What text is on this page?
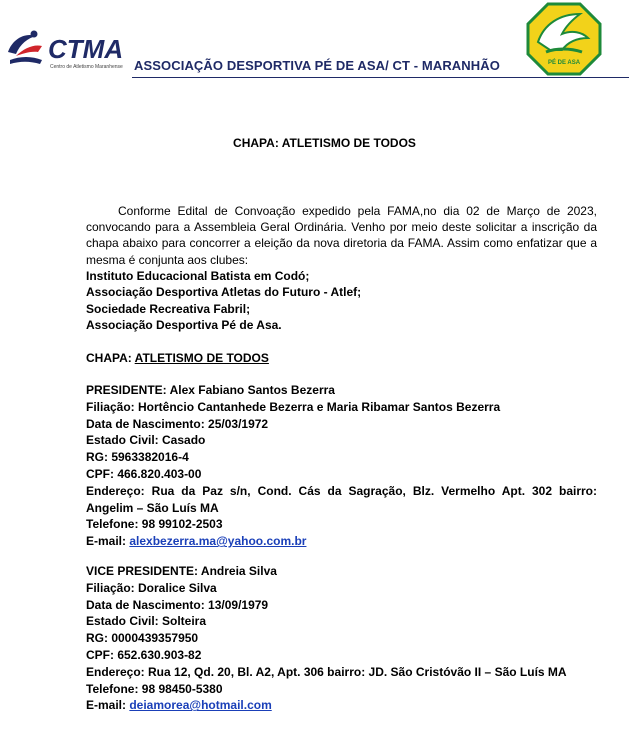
CTMA
Centro de Atletismo Maranhense
PÉ DE ASA
ASSOCIAÇÃO DESPORTIVA PÉ DE ASA/ CT - MARANHÃO
CHAPA: ATLETISMO DE TODOS

Conforme Edital de Convoação expedido pela FAMA,no dia 02 de Março de 2023, convocando para a Assembleia Geral Ordinária. Venho por meio deste solicitar a inscrição da chapa abaixo para concorrer a eleição da nova diretoria da FAMA. Assim como enfatizar que a mesma é conjunta aos clubes:

Instituto Educacional Batista em Codó;
Associação Desportiva Atletas do Futuro - Atlef;
Sociedade Recreativa Fabril;
Associação Desportiva Pé de Asa.
CHAPA: ATLETISMO DE TODOS
PRESIDENTE: Alex Fabiano Santos Bezerra
Filiação: Hortêncio Cantanhede Bezerra e Maria Ribamar Santos Bezerra
Data de Nascimento: 25/03/1972
Estado Civil: Casado
RG: 5963382016-4
CPF: 466.820.403-00
Endereço: Rua da Paz s/n, Cond. Cás da Sagração, Blz. Vermelho Apt. 302 bairro: Angelim – São Luís MA
Telefone: 98 99102-2503
E-mail: alexbezerra.ma@yahoo.com.br
VICE PRESIDENTE: Andreia Silva
Filiação: Doralice Silva
Data de Nascimento: 13/09/1979
Estado Civil: Solteira
RG: 0000439357950
CPF: 652.630.903-82
Endereço: Rua 12, Qd. 20, Bl. A2, Apt. 306 bairro: JD. São Cristóvão II – São Luís MA
Telefone: 98 98450-5380
E-mail: deiamorea@hotmail.com
